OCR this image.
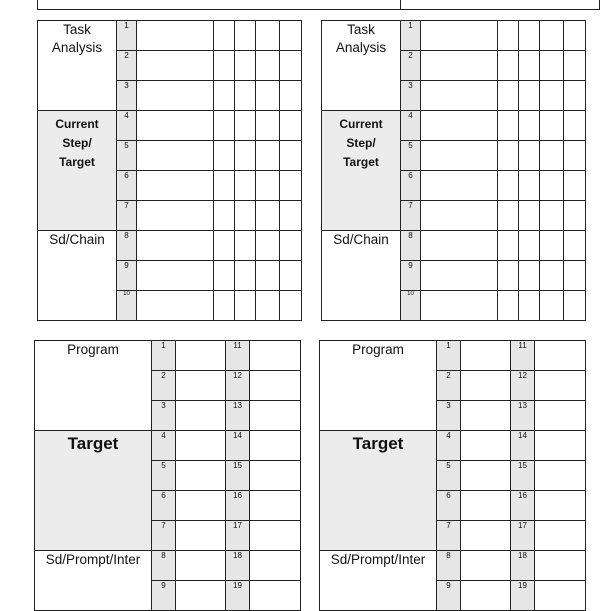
Task Analysis	1					
	2					
	3					

Current
Step/
Target	4					
	5					
	6					
	7					
Sd/Chain	8					
	9					
	10					
Task Analysis	1					
	2					
	3					

Current
Step/
Target	4					
	5					
	6					
	7					
Sd/Chain	8					
	9					
	10					
Program	1		11	
	2		12	
	3		13	

Target	4		14	
	5		15	
	6		16	
	7		17	
Sd/Prompt/Inter	8		18	
	9		19	
Program	1		11	
	2		12	
	3		13	

Target	4		14	
	5		15	
	6		16	
	7		17	
Sd/Prompt/Inter	8		18	
	9		19	
